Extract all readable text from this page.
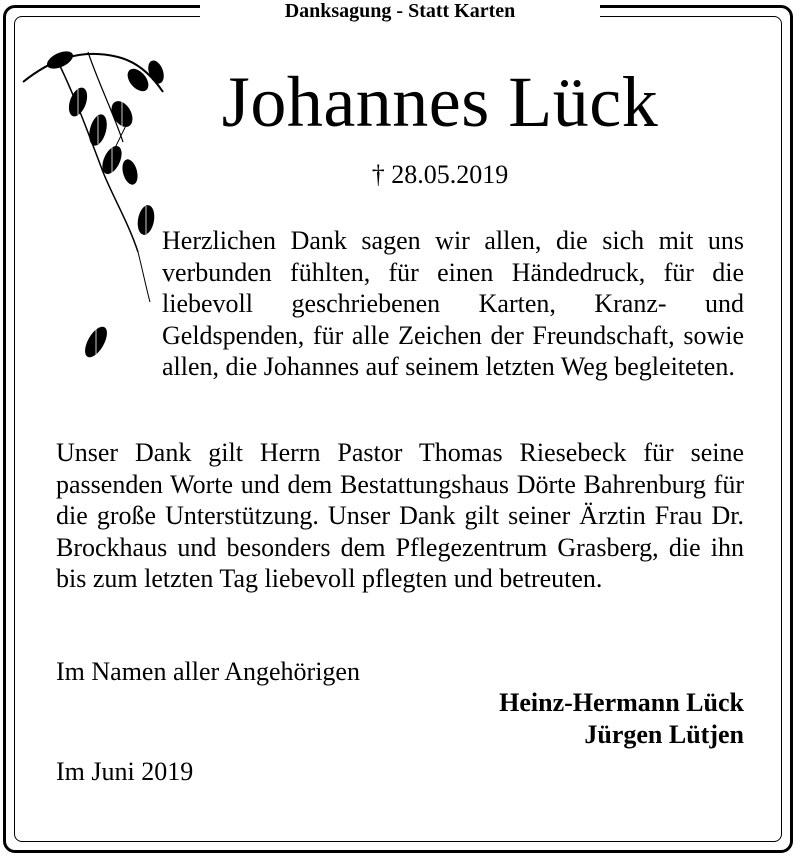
Danksagung - Statt Karten
Johannes Lück
† 28.05.2019
Herzlichen Dank sagen wir allen, die sich mit uns verbunden fühlten, für einen Händedruck, für die liebevoll geschriebenen Karten, Kranz- und Geldspenden, für alle Zeichen der Freundschaft, sowie allen, die Johannes auf seinem letzten Weg begleiteten.
Unser Dank gilt Herrn Pastor Thomas Riesebeck für seine passenden Worte und dem Bestattungshaus Dörte Bahrenburg für die große Unterstützung. Unser Dank gilt seiner Ärztin Frau Dr. Brockhaus und besonders dem Pflegezentrum Grasberg, die ihn bis zum letzten Tag liebevoll pflegten und betreuten.
Im Namen aller Angehörigen
Heinz-Hermann Lück
Jürgen Lütjen
Im Juni 2019
